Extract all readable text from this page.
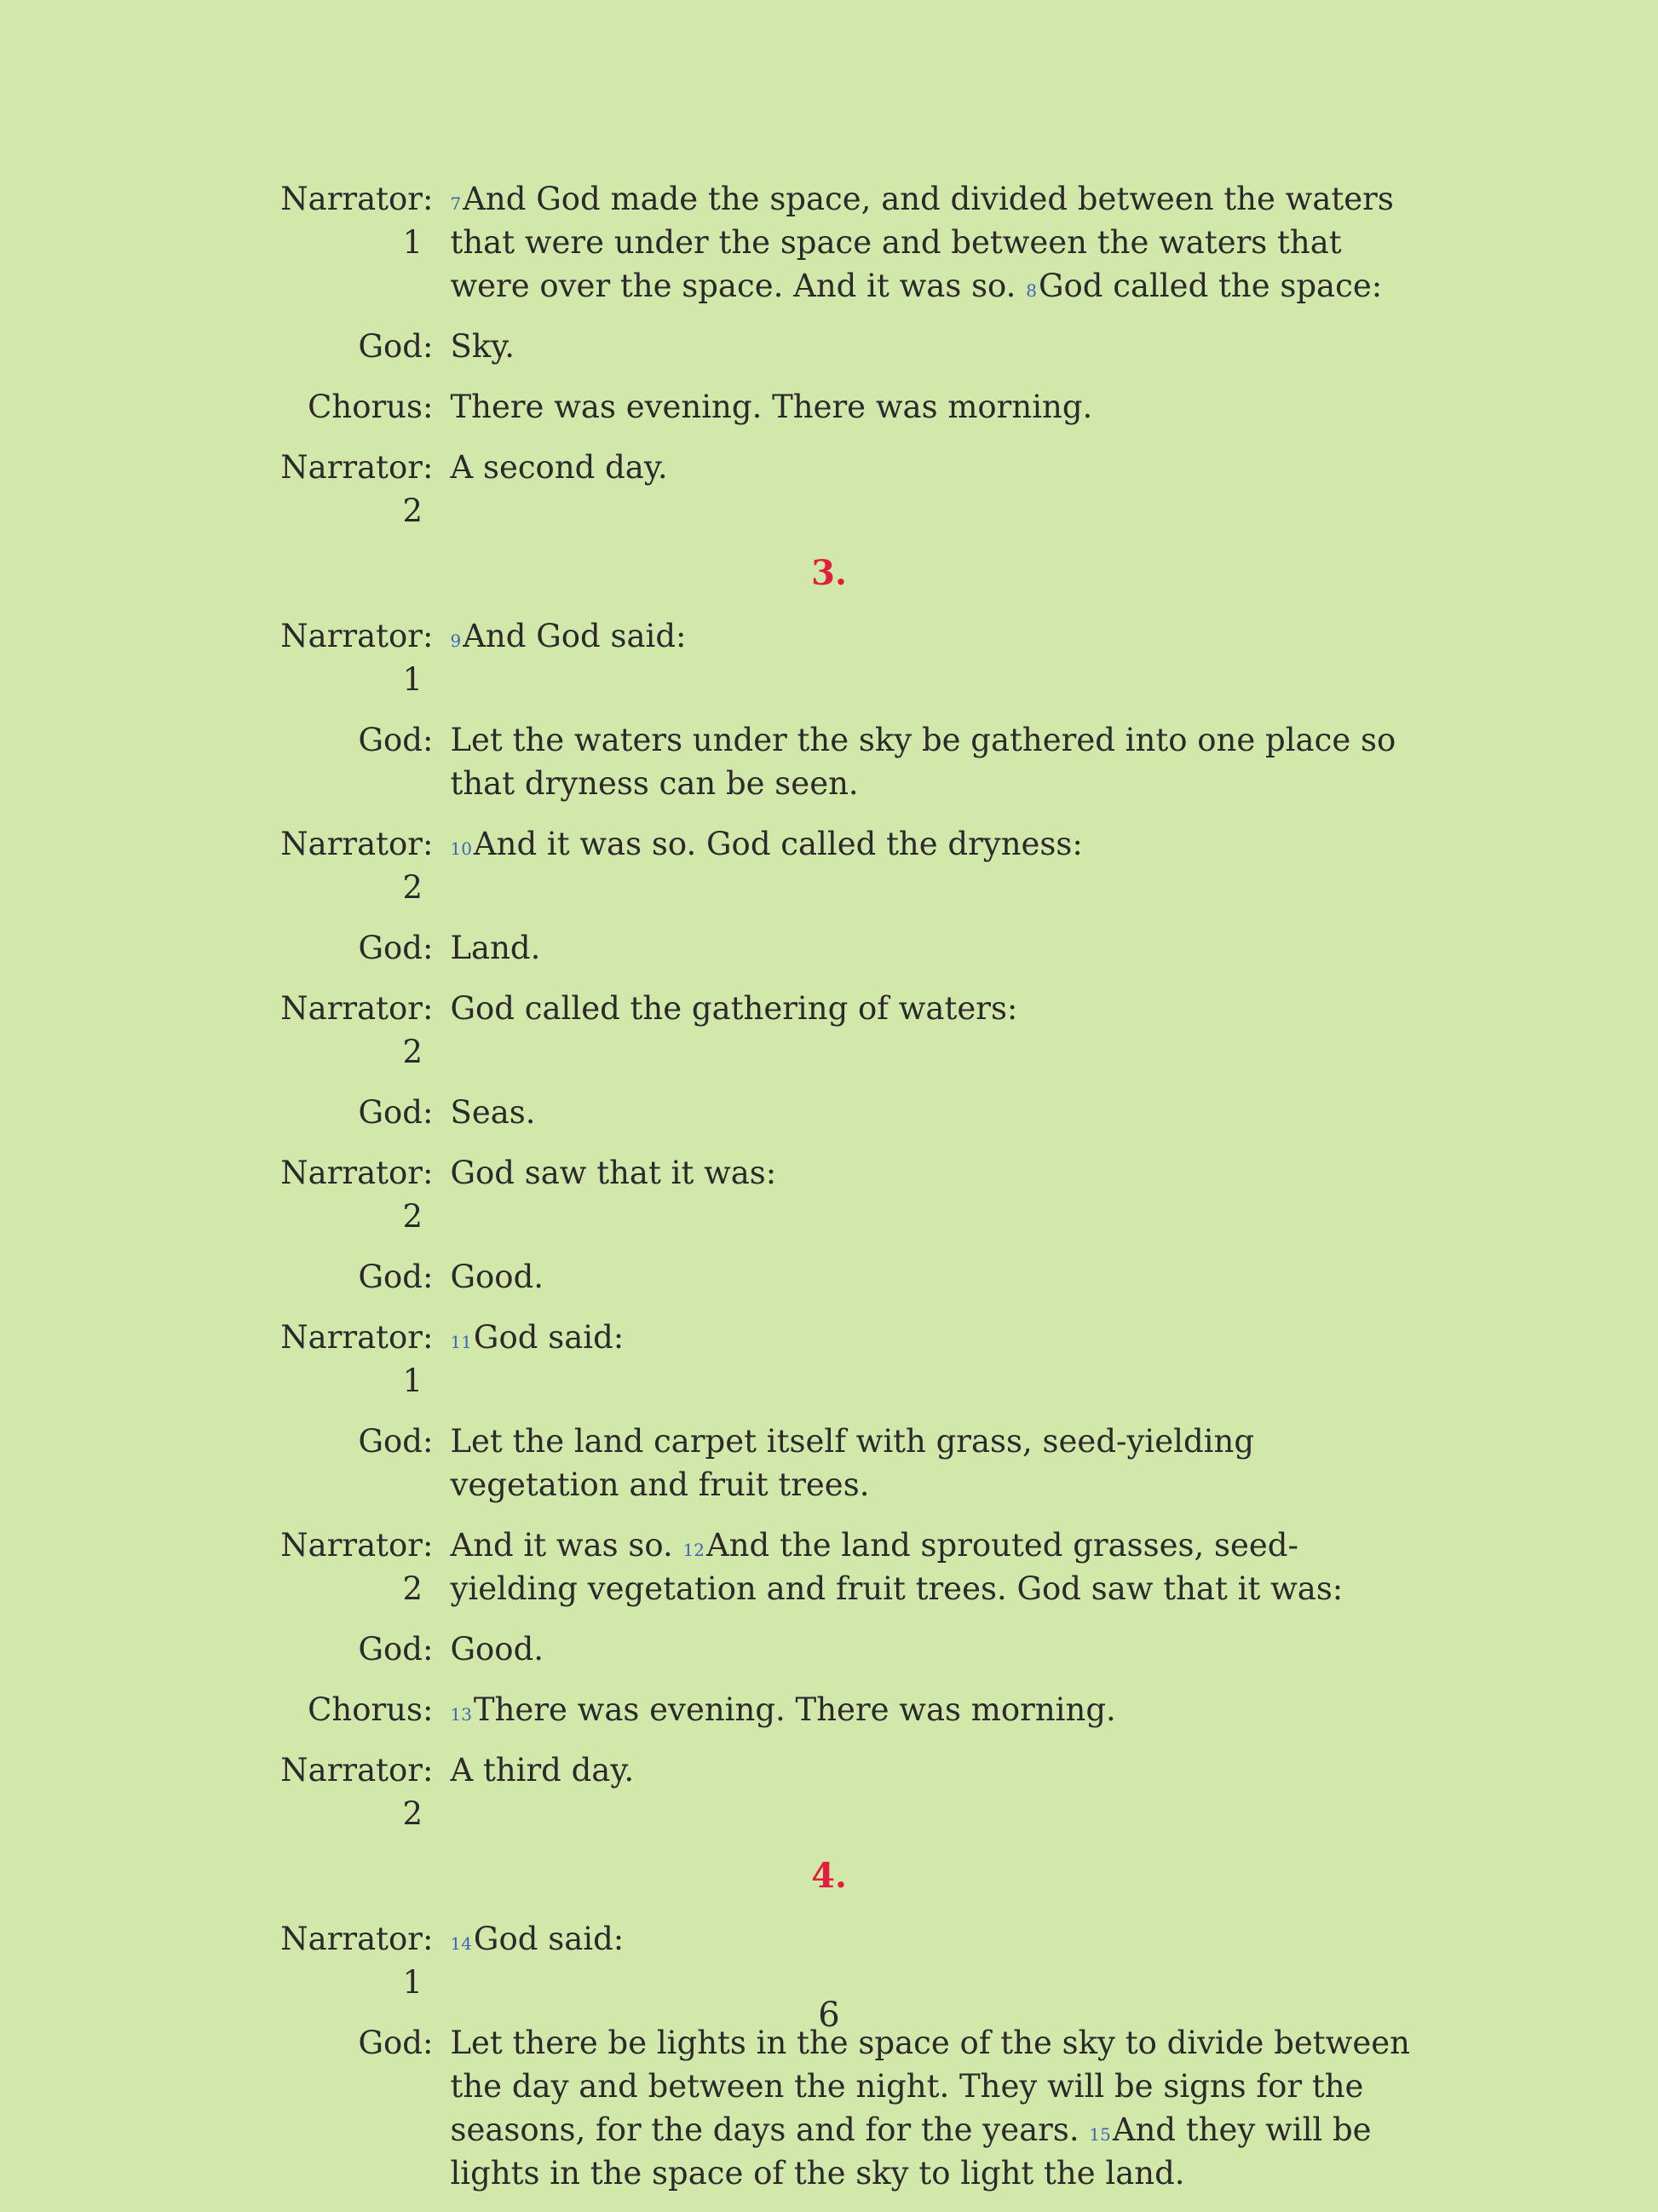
Narrator 1
: $^7$And God made the space, and divided between the waters that were under the space and between the waters that were over the space. And it was so. $^8$God called the space:
God : Sky.
Chorus : There was evening. There was morning.
Narrator 2
: A second day.
3.
Narrator 1
: $^9$And God said:
God : Let the waters under the sky be gathered into one place so that dryness can be seen.
Narrator 2
: $^{10}$And it was so. God called the dryness:
God : Land.
Narrator 2
: God called the gathering of waters:
God : Seas.
Narrator 2
: God saw that it was:
God : Good.
Narrator 1
: $^{11}$God said:
God : Let the land carpet itself with grass, seed-yielding vegetation and fruit trees.
Narrator 2
: And it was so. $^{12}$And the land sprouted grasses, seed-yielding vegetation and fruit trees. God saw that it was:
God : Good.
Chorus : $^{13}$There was evening. There was morning.
Narrator 2
: A third day.
4.
Narrator 1
: $^{14}$God said:
God : Let there be lights in the space of the sky to divide between the day and between the night. They will be signs for the seasons, for the days and for the years. $^{15}$And they will be lights in the space of the sky to light the land.
6
